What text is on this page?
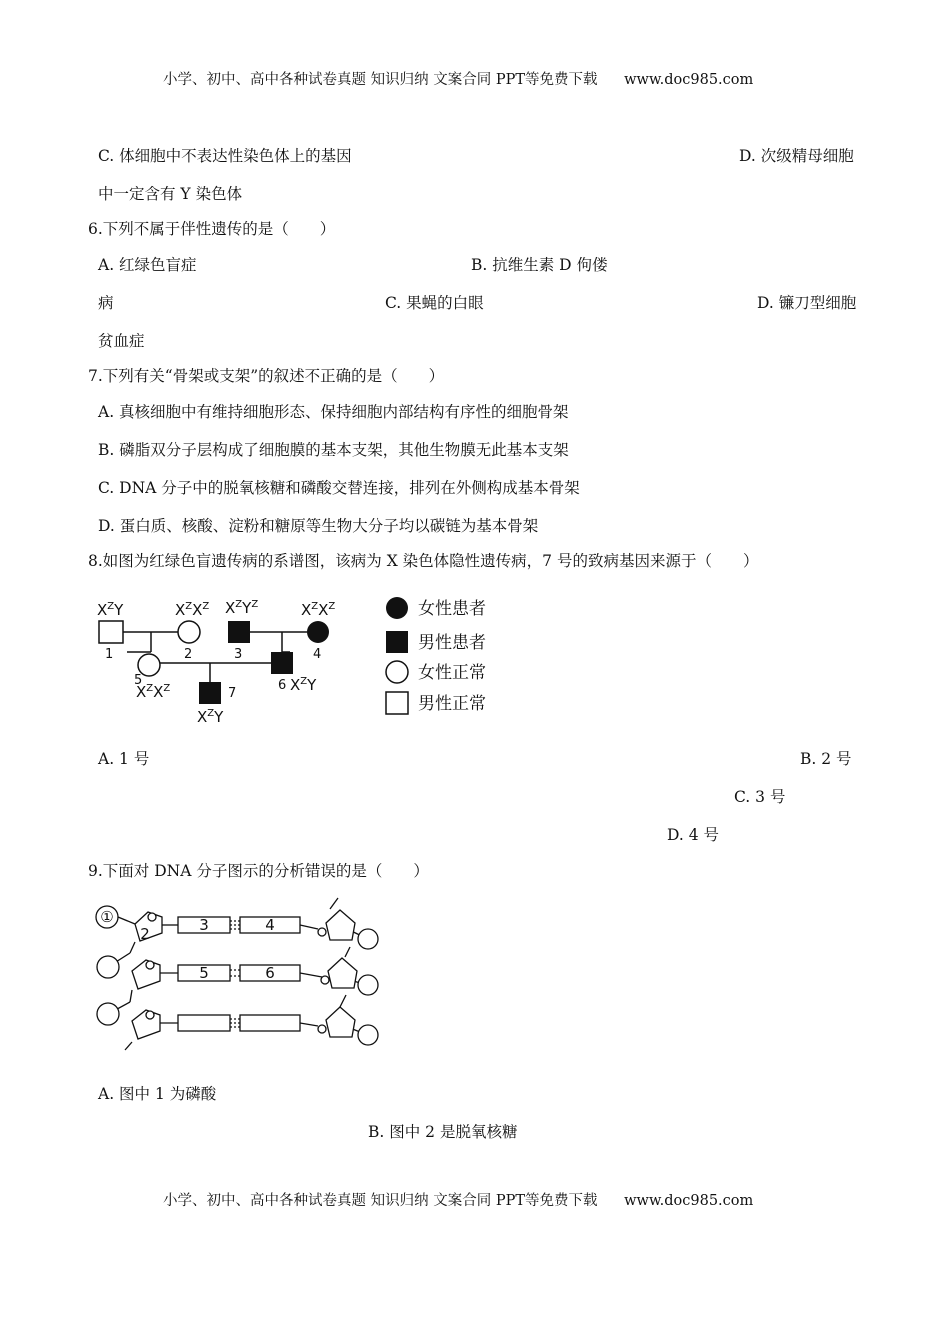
小学、初中、高中各种试卷真题 知识归纳 文案合同 PPT等免费下载 www.doc985.com
C. 体细胞中不表达性染色体上的基因	D. 次级精母细胞
中一定含有 Y 染色体
6.下列不属于伴性遗传的是（　　）
A. 红绿色盲症	B. 抗维生素 D 佝偻
病	C. 果蝇的白眼	D. 镰刀型细胞
贫血症
7.下列有关“骨架或支架”的叙述不正确的是（　　）
A. 真核细胞中有维持细胞形态、保持细胞内部结构有序性的细胞骨架
B. 磷脂双分子层构成了细胞膜的基本支架，其他生物膜无此基本支架
C. DNA 分子中的脱氧核糖和磷酸交替连接，排列在外侧构成基本骨架
D. 蛋白质、核酸、淀粉和糖原等生物大分子均以碳链为基本骨架
8.如图为红绿色盲遗传病的系谱图，该病为 X 染色体隐性遗传病，7 号的致病基因来源于（　　）
$X^ZY$	$X^ZX^Z$ $X^ZY^Z$	$X^ZX^Z$
$X^ZX^Z$	$X^ZY$
$X^ZY$
1	2	3	4
5	6
7
女性患者
男性患者
女性正常
男性正常
A. 1 号	B. 2 号
C. 3 号
D. 4 号
9.下面对 DNA 分子图示的分析错误的是（　　）
①
2	3	4
5	6
A. 图中 1 为磷酸
B. 图中 2 是脱氧核糖
小学、初中、高中各种试卷真题 知识归纳 文案合同 PPT等免费下载 www.doc985.com
